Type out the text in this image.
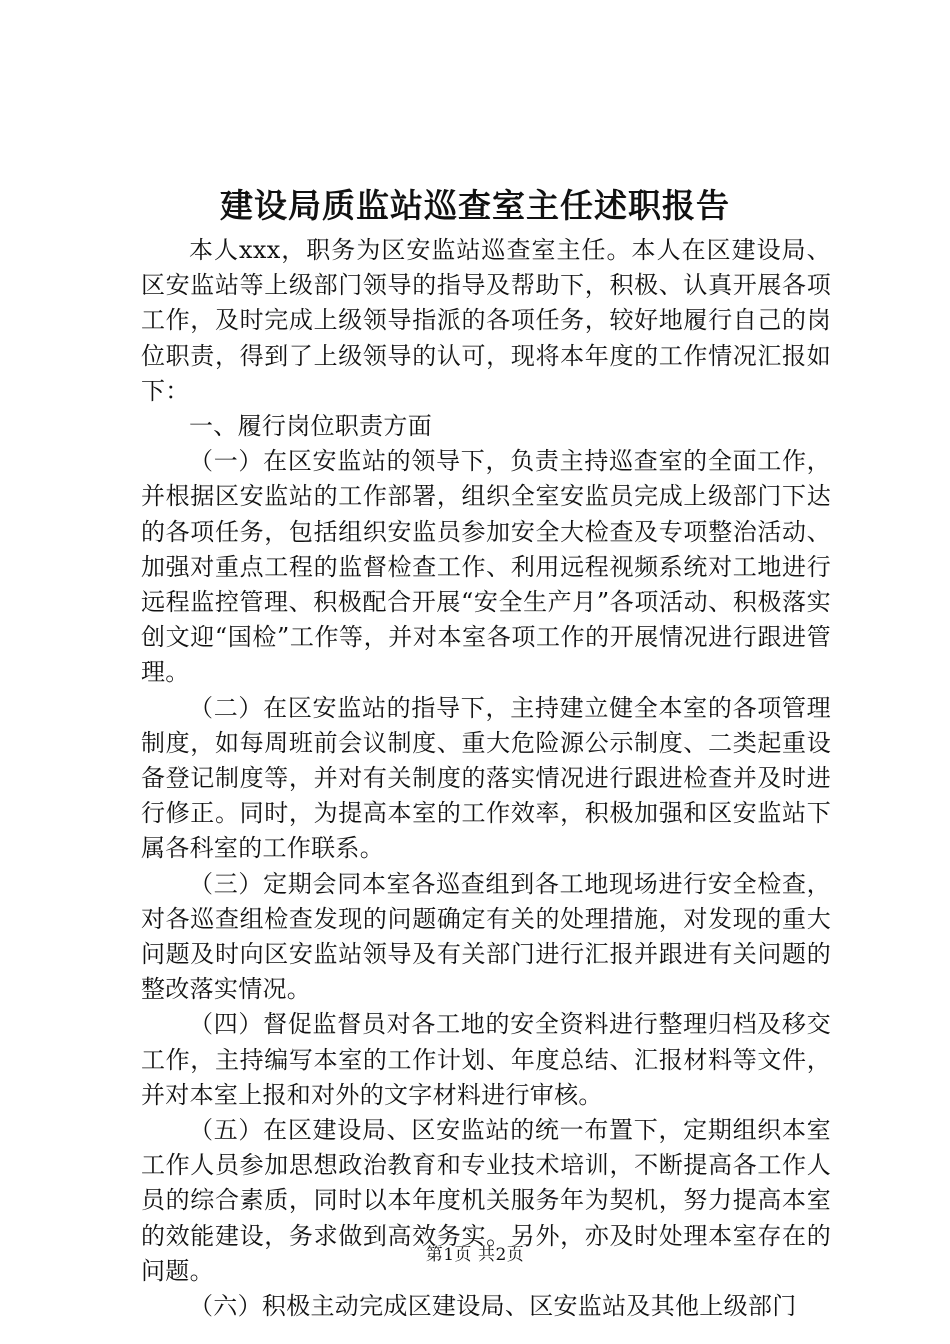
建设局质监站巡查室主任述职报告

本人xxx，职务为区安监站巡查室主任。本人在区建设局、区安监站等上级部门领导的指导及帮助下，积极、认真开展各项工作，及时完成上级领导指派的各项任务，较好地履行自己的岗位职责，得到了上级领导的认可，现将本年度的工作情况汇报如下：

一、履行岗位职责方面

（一）在区安监站的领导下，负责主持巡查室的全面工作，并根据区安监站的工作部署，组织全室安监员完成上级部门下达的各项任务，包括组织安监员参加安全大检查及专项整治活动、加强对重点工程的监督检查工作、利用远程视频系统对工地进行远程监控管理、积极配合开展“安全生产月”各项活动、积极落实创文迎“国检”工作等，并对本室各项工作的开展情况进行跟进管理。

（二）在区安监站的指导下，主持建立健全本室的各项管理制度，如每周班前会议制度、重大危险源公示制度、二类起重设备登记制度等，并对有关制度的落实情况进行跟进检查并及时进行修正。同时，为提高本室的工作效率，积极加强和区安监站下属各科室的工作联系。

（三）定期会同本室各巡查组到各工地现场进行安全检查，对各巡查组检查发现的问题确定有关的处理措施，对发现的重大问题及时向区安监站领导及有关部门进行汇报并跟进有关问题的整改落实情况。

（四）督促监督员对各工地的安全资料进行整理归档及移交工作，主持编写本室的工作计划、年度总结、汇报材料等文件，并对本室上报和对外的文字材料进行审核。

（五）在区建设局、区安监站的统一布置下，定期组织本室工作人员参加思想政治教育和专业技术培训，不断提高各工作人员的综合素质，同时以本年度机关服务年为契机，努力提高本室的效能建设，务求做到高效务实。另外，亦及时处理本室存在的问题。

（六）积极主动完成区建设局、区安监站及其他上级部门

第1页 共2页
